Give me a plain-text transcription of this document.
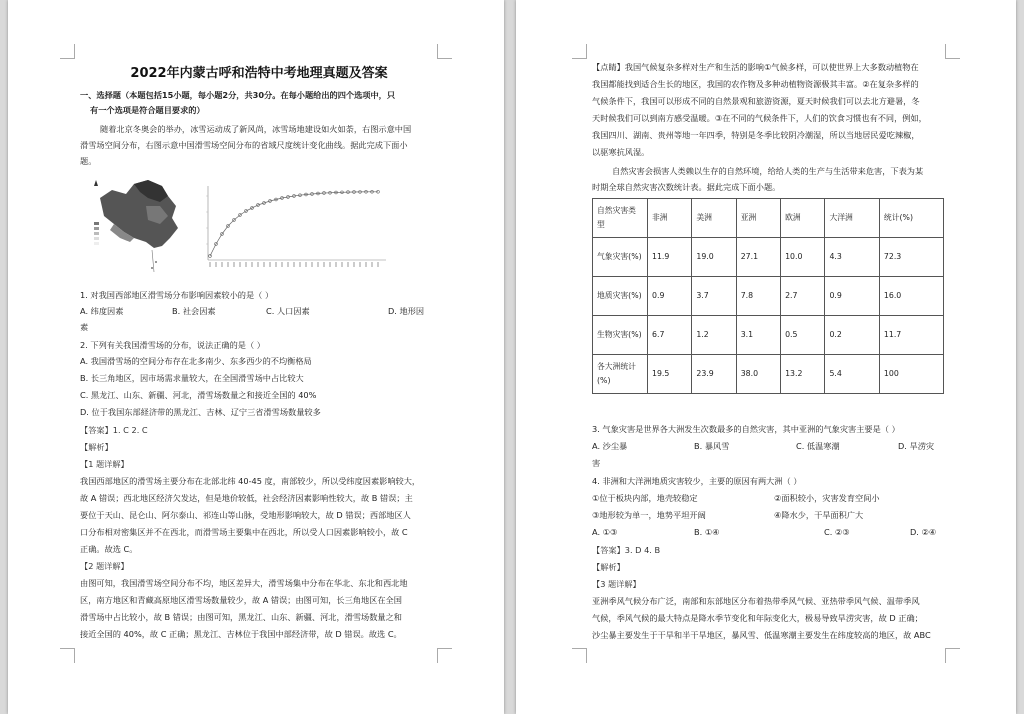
2022年内蒙古呼和浩特中考地理真题及答案
一、选择题（本题包括15小题，每小题2分，共30分。在每小题给出的四个选项中，只
有一个选项是符合题目要求的）
随着北京冬奥会的举办，冰雪运动成了新风尚，冰雪场地建设如火如荼，右图示意中国
滑雪场空间分布，右图示意中国滑雪场空间分布的省域尺度统计变化曲线。据此完成下面小
题。
1. 对我国西部地区滑雪场分布影响因素较小的是（ ）
A. 纬度因素	B. 社会因素	C. 人口因素	D. 地形因
素
2. 下列有关我国滑雪场的分布，说法正确的是（ ）
A. 我国滑雪场的空间分布存在北多南少、东多西少的不均衡格局
B. 长三角地区，因市场需求量较大，在全国滑雪场中占比较大
C. 黑龙江、山东、新疆、河北，滑雪场数量之和接近全国的 40%
D. 位于我国东部経济带的黑龙江、吉林、辽宁三省滑雪场数量较多
【答案】1. C 2. C
【解析】
【1 题详解】
我国西部地区的滑雪场主要分布在北部北纬 40-45 度，南部较少，所以受纬度因素影响较大，
故 A 错误；西北地区经济欠发达，但是地价较低，社会经济因素影响性较大，故 B 错误；主
要位于天山、昆仑山、阿尔泰山、祁连山等山脉，受地形影响较大，故 D 错误；西部地区人
口分布相对密集区并不在西北，而滑雪场主要集中在西北，所以受人口因素影响较小，故 C
正确。故选 C。
【2 题详解】
由图可知，我国滑雪场空间分布不均，地区差异大，滑雪场集中分布在华北、东北和西北地
区，南方地区和青藏高原地区滑雪场数量较少，故 A 错误；由图可知，长三角地区在全国
滑雪场中占比较小，故 B 错误；由图可知，黑龙江、山东、新疆、河北，滑雪场数量之和
接近全国的 40%，故 C 正确；黑龙江、吉林位于我国中部经济带，故 D 错误。故选 C。
【点睛】我国气候复杂多样对生产和生活的影响①气候多样，可以使世界上大多数动植物在
我国都能找到适合生长的地区，我国的农作物及多种动植物资源极其丰富。②在复杂多样的
气候条件下，我国可以形成不同的自然景观和旅游资源，夏天时候我们可以去北方避暑，冬
天时候我们可以到南方感受温暖。③在不同的气候条件下，人们的饮食习惯也有不同，例如，
我国四川、湖南、贵州等地一年四季，特别是冬季比较阴冷潮湿，所以当地居民爱吃辣椒，
以驱寒抗风湿。
自然灾害会损害人类赖以生存的自然环境，给给人类的生产与生活带来危害，下表为某
时期全球自然灾害次数统计表。据此完成下面小题。
自然灾害类型	非洲	美洲	亚洲	欧洲	大洋洲	统计(%)
气象灾害(%)	11.9	19.0	27.1	10.0	4.3	72.3
地质灾害(%)	0.9	3.7	7.8	2.7	0.9	16.0
生物灾害(%)	6.7	1.2	3.1	0.5	0.2	11.7
各大洲统计(%)	19.5	23.9	38.0	13.2	5.4	100
3. 气象灾害是世界各大洲发生次数最多的自然灾害，其中亚洲的气象灾害主要是（ ）
A. 沙尘暴	B. 暴风雪	C. 低温寒潮	D. 旱涝灾
害
4. 非洲和大洋洲地质灾害较少，主要的原因有两大洲（ ）
①位于板块内部，地壳较稳定	②面积较小，灾害发育空间小
③地形较为单一，地势平坦开阔	④降水少，干旱面积广大
A. ①③	B. ①④	C. ②③	D. ②④
【答案】3. D 4. B
【解析】
【3 题详解】
亚洲季风气候分布广泛，南部和东部地区分布着热带季风气候、亚热带季风气候、温带季风
气候，季风气候的最大特点是降水季节变化和年际变化大，极易导致旱涝灾害，故 D 正确；
沙尘暴主要发生于干旱和半干旱地区，暴风雪、低温寒潮主要发生在纬度较高的地区，故 ABC
